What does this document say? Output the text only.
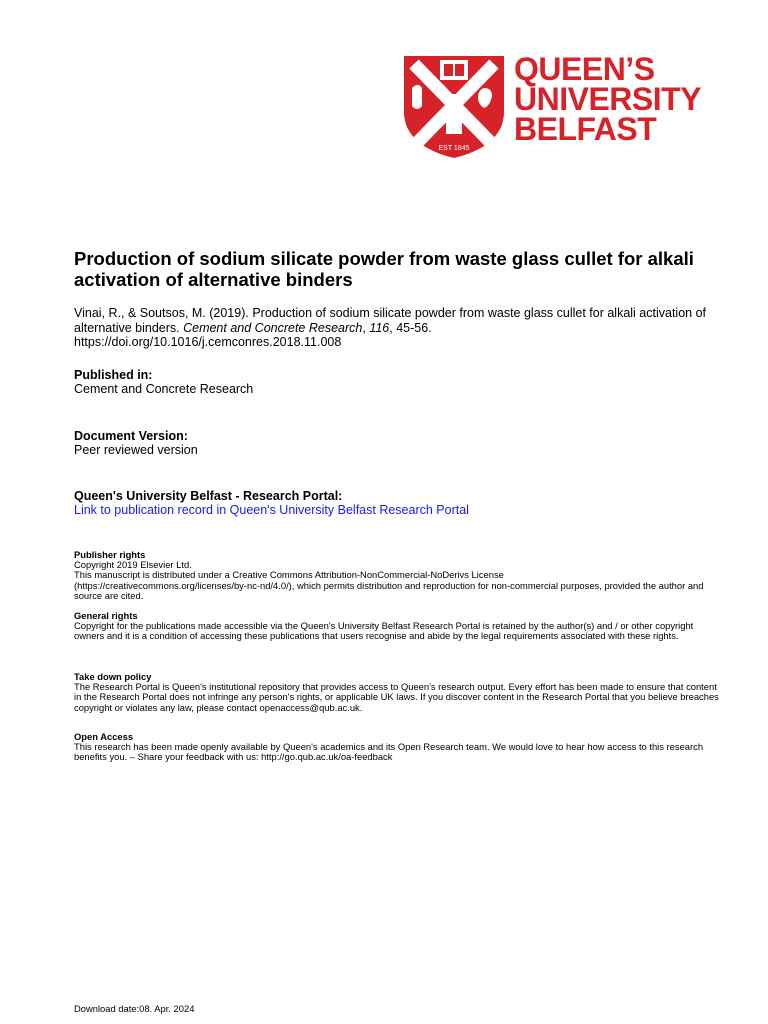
EST 1845
QUEEN’S
UNIVERSITY
BELFAST
Production of sodium silicate powder from waste glass cullet for alkali activation of alternative binders
Vinai, R., & Soutsos, M. (2019). Production of sodium silicate powder from waste glass cullet for alkali activation of alternative binders. Cement and Concrete Research, 116, 45-56.
https://doi.org/10.1016/j.cemconres.2018.11.008
Published in:
Cement and Concrete Research
Document Version:
Peer reviewed version
Queen's University Belfast - Research Portal:
Link to publication record in Queen's University Belfast Research Portal
Publisher rights
Copyright 2019 Elsevier Ltd.
This manuscript is distributed under a Creative Commons Attribution-NonCommercial-NoDerivs License
(https://creativecommons.org/licenses/by-nc-nd/4.0/), which permits distribution and reproduction for non-commercial purposes, provided the author and source are cited.
General rights
Copyright for the publications made accessible via the Queen's University Belfast Research Portal is retained by the author(s) and / or other copyright owners and it is a condition of accessing these publications that users recognise and abide by the legal requirements associated with these rights.
Take down policy
The Research Portal is Queen's institutional repository that provides access to Queen's research output. Every effort has been made to ensure that content in the Research Portal does not infringe any person's rights, or applicable UK laws. If you discover content in the Research Portal that you believe breaches copyright or violates any law, please contact openaccess@qub.ac.uk.
Open Access
This research has been made openly available by Queen's academics and its Open Research team. We would love to hear how access to this research benefits you. – Share your feedback with us: http://go.qub.ac.uk/oa-feedback
Download date:08. Apr. 2024
